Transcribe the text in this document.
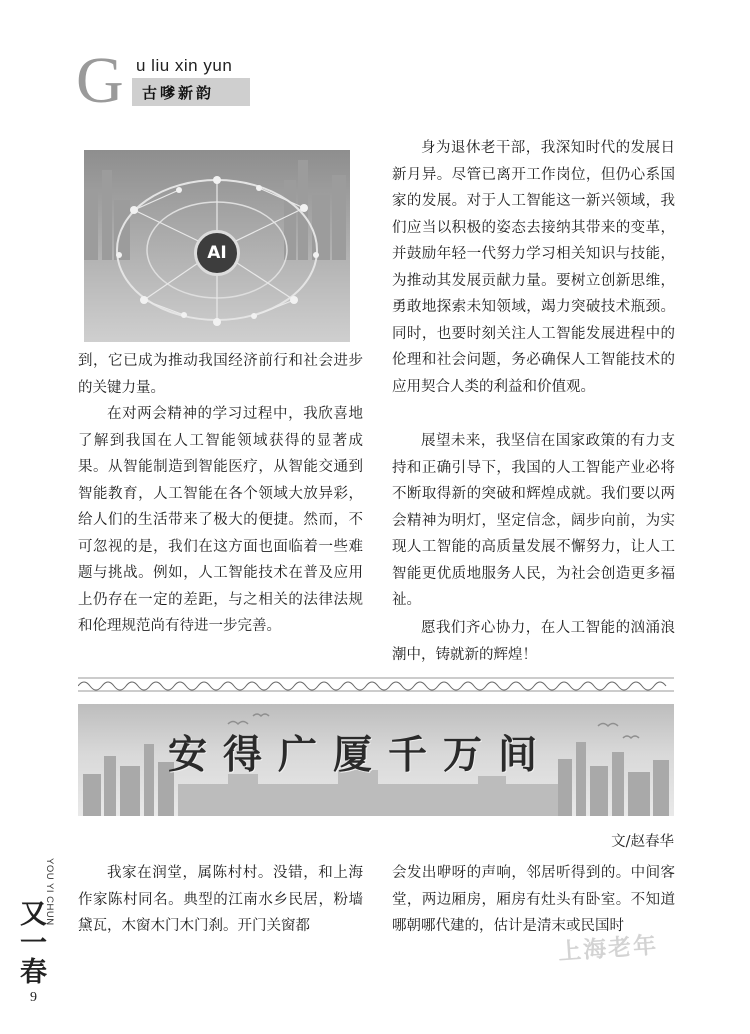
G u liu xin yun
古嗲新韵
AI
到，它已成为推动我国经济前行和社会进步的关键力量。
在对两会精神的学习过程中，我欣喜地了解到我国在人工智能领域获得的显著成果。从智能制造到智能医疗，从智能交通到智能教育，人工智能在各个领域大放异彩，给人们的生活带来了极大的便捷。然而，不可忽视的是，我们在这方面也面临着一些难题与挑战。例如，人工智能技术在普及应用上仍存在一定的差距，与之相关的法律法规和伦理规范尚有待进一步完善。
身为退休老干部，我深知时代的发展日新月异。尽管已离开工作岗位，但仍心系国家的发展。对于人工智能这一新兴领域，我们应当以积极的姿态去接纳其带来的变革，并鼓励年轻一代努力学习相关知识与技能，为推动其发展贡献力量。要树立创新思维，勇敢地探索未知领域，竭力突破技术瓶颈。同时，也要时刻关注人工智能发展进程中的伦理和社会问题，务必确保人工智能技术的应用契合人类的利益和价值观。
展望未来，我坚信在国家政策的有力支持和正确引导下，我国的人工智能产业必将不断取得新的突破和辉煌成就。我们要以两会精神为明灯，坚定信念，阔步向前，为实现人工智能的高质量发展不懈努力，让人工智能更优质地服务人民，为社会创造更多福祉。
愿我们齐心协力，在人工智能的汹涌浪潮中，铸就新的辉煌！
安得广厦千万间
文/赵春华
我家在润堂，属陈村村。没错，和上海作家陈村同名。典型的江南水乡民居，粉墙黛瓦，木窗木门木门刹。开门关窗都
会发出咿呀的声响，邻居听得到的。中间客堂，两边厢房，厢房有灶头有卧室。不知道哪朝哪代建的，估计是清末或民国时
YOU YI CHUN
又一春
9
上海老年
